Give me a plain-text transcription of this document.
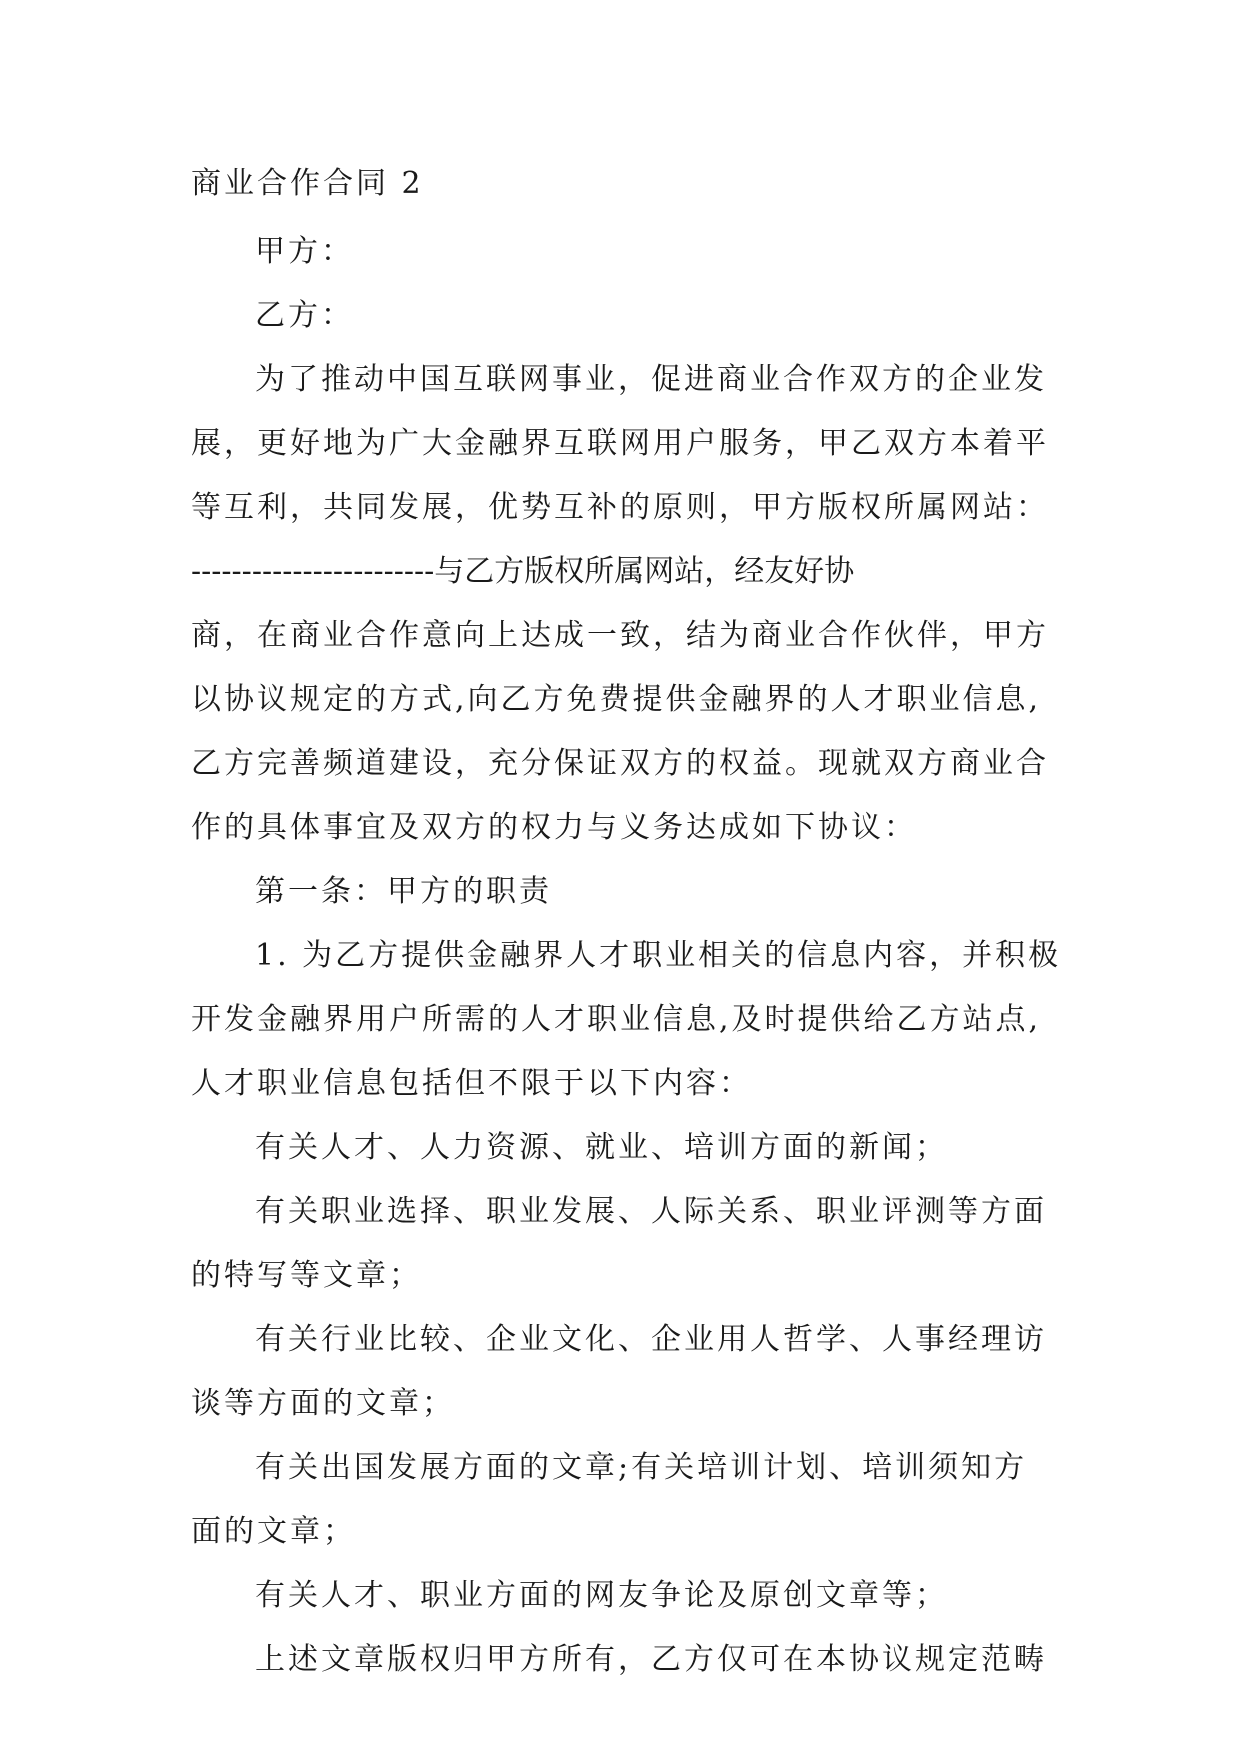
商业合作合同 2
甲方：
乙方：
为了推动中国互联网事业，促进商业合作双方的企业发
展，更好地为广大金融界互联网用户服务，甲乙双方本着平
等互利，共同发展，优势互补的原则，甲方版权所属网站：
------------------------与乙方版权所属网站，经友好协
商，在商业合作意向上达成一致，结为商业合作伙伴，甲方
以协议规定的方式,向乙方免费提供金融界的人才职业信息,
乙方完善频道建设，充分保证双方的权益。现就双方商业合
作的具体事宜及双方的权力与义务达成如下协议：
第一条：甲方的职责
1. 为乙方提供金融界人才职业相关的信息内容，并积极
开发金融界用户所需的人才职业信息,及时提供给乙方站点,
人才职业信息包括但不限于以下内容：
有关人才、人力资源、就业、培训方面的新闻；
有关职业选择、职业发展、人际关系、职业评测等方面
的特写等文章；
有关行业比较、企业文化、企业用人哲学、人事经理访
谈等方面的文章；
有关出国发展方面的文章;有关培训计划、培训须知方
面的文章；
有关人才、职业方面的网友争论及原创文章等；
上述文章版权归甲方所有，乙方仅可在本协议规定范畴
